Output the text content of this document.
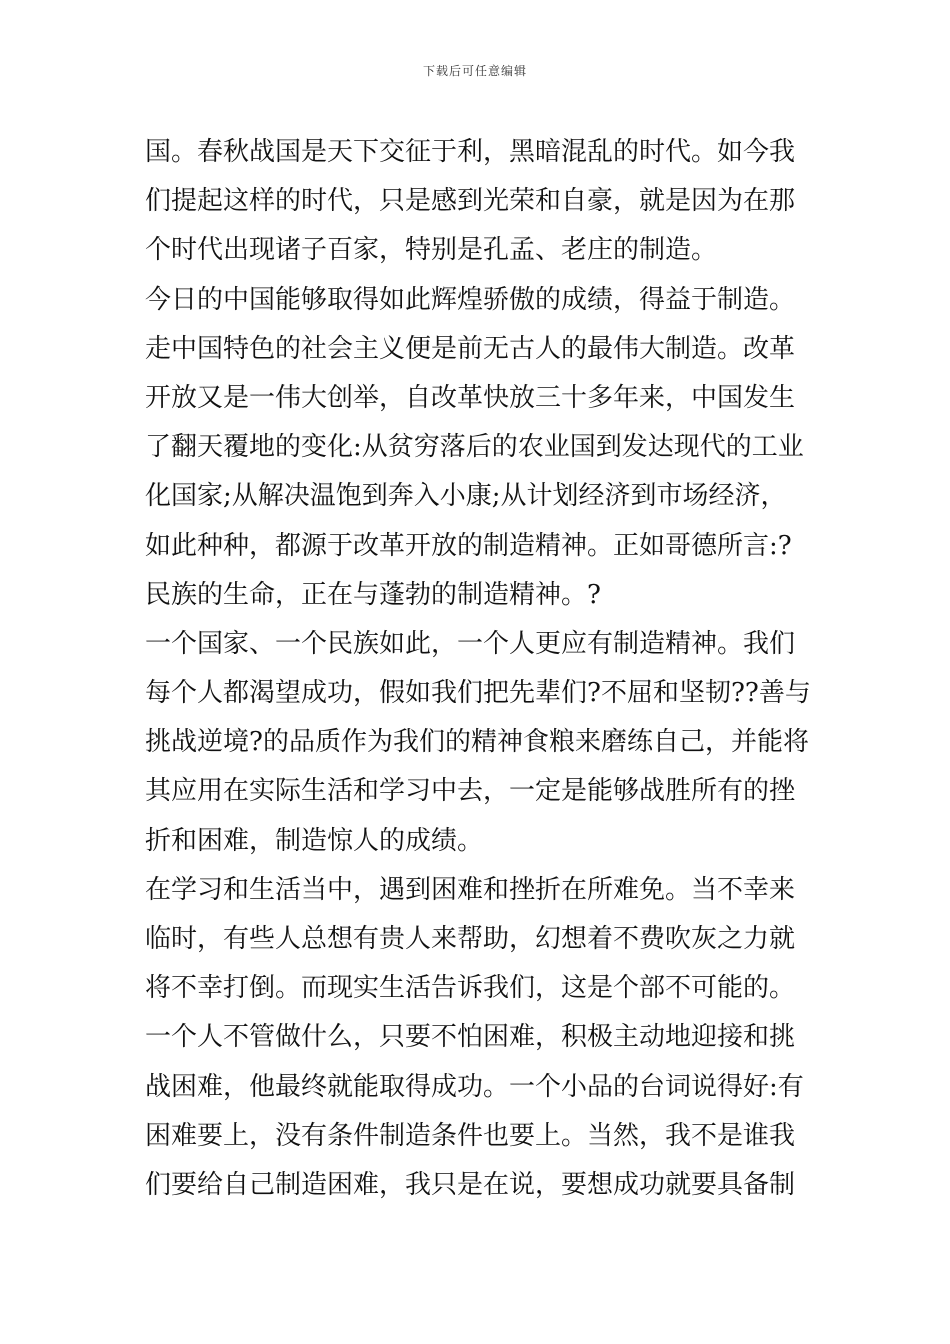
下载后可任意编辑
国。春秋战国是天下交征于利，黑暗混乱的时代。如今我
们提起这样的时代，只是感到光荣和自豪，就是因为在那
个时代出现诸子百家，特别是孔孟、老庄的制造。
今日的中国能够取得如此辉煌骄傲的成绩，得益于制造。
走中国特色的社会主义便是前无古人的最伟大制造。改革
开放又是一伟大创举，自改革快放三十多年来，中国发生
了翻天覆地的变化:从贫穷落后的农业国到发达现代的工业
化国家;从解决温饱到奔入小康;从计划经济到市场经济，
如此种种，都源于改革开放的制造精神。正如哥德所言:?
民族的生命，正在与蓬勃的制造精神。?
一个国家、一个民族如此，一个人更应有制造精神。我们
每个人都渴望成功，假如我们把先辈们?不屈和坚韧??善与
挑战逆境?的品质作为我们的精神食粮来磨练自己，并能将
其应用在实际生活和学习中去，一定是能够战胜所有的挫
折和困难，制造惊人的成绩。
在学习和生活当中，遇到困难和挫折在所难免。当不幸来
临时，有些人总想有贵人来帮助，幻想着不费吹灰之力就
将不幸打倒。而现实生活告诉我们，这是个部不可能的。
一个人不管做什么，只要不怕困难，积极主动地迎接和挑
战困难，他最终就能取得成功。一个小品的台词说得好:有
困难要上，没有条件制造条件也要上。当然，我不是谁我
们要给自己制造困难，我只是在说，要想成功就要具备制
